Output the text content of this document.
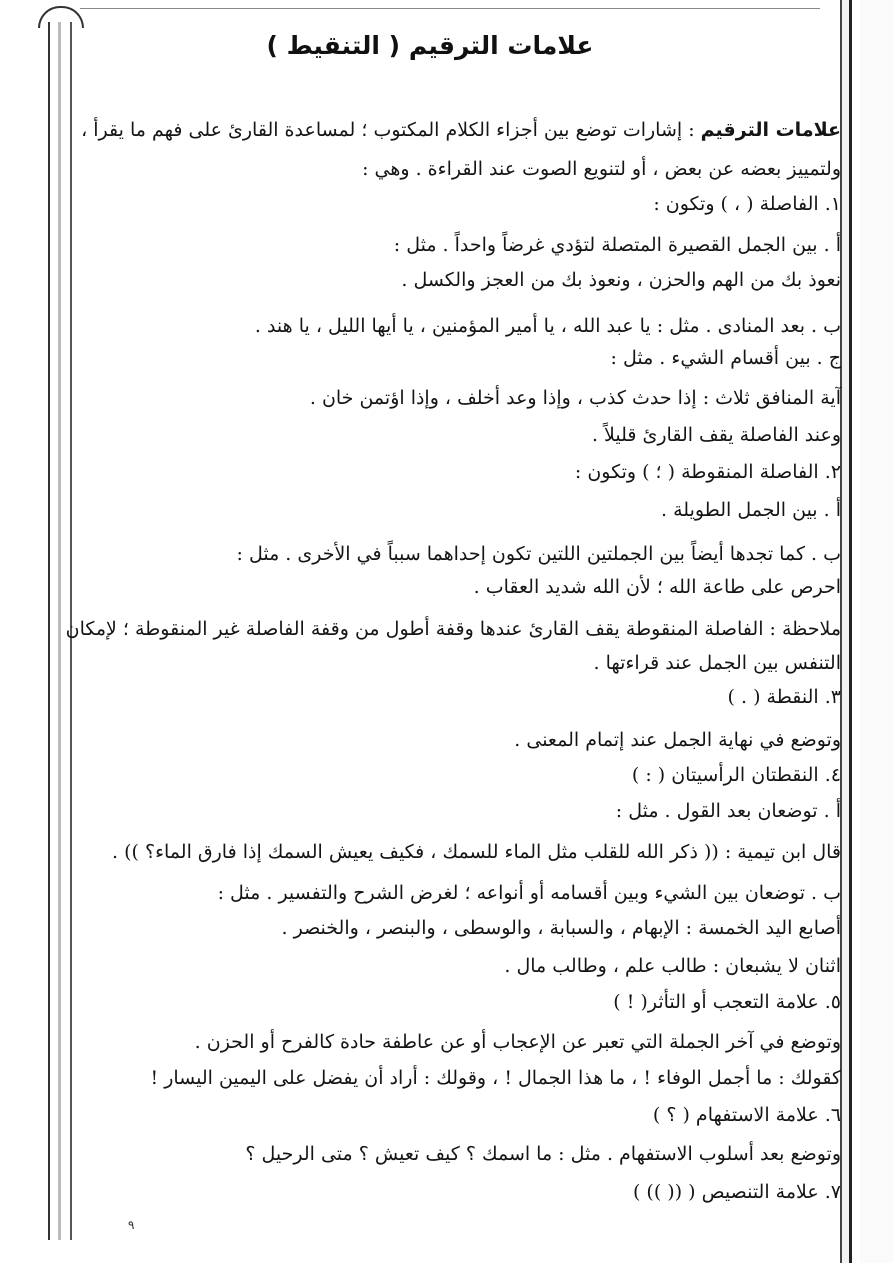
علامات الترقيم ( التنقيط )

علامات الترقيم : إشارات توضع بين أجزاء الكلام المكتوب ؛ لمساعدة القارئ على فهم ما يقرأ ،

ولتمييز بعضه عن بعض ، أو لتنويع الصوت عند القراءة . وهي :

١. الفاصلة ( ، ) وتكون :

أ . بين الجمل القصيرة المتصلة لتؤدي غرضاً واحداً . مثل :

نعوذ بك من الهم والحزن ، ونعوذ بك من العجز والكسل .

ب . بعد المنادى . مثل : يا عبد الله ، يا أمير المؤمنين ، يا أيها الليل ، يا هند .

ج . بين أقسام الشيء . مثل :

آية المنافق ثلاث : إذا حدث كذب ، وإذا وعد أخلف ، وإذا اؤتمن خان .

وعند الفاصلة يقف القارئ قليلاً .

٢. الفاصلة المنقوطة ( ؛ ) وتكون :

أ . بين الجمل الطويلة .

ب . كما تجدها أيضاً بين الجملتين اللتين تكون إحداهما سبباً في الأخرى . مثل :

احرص على طاعة الله ؛ لأن الله شديد العقاب .

ملاحظة : الفاصلة المنقوطة يقف القارئ عندها وقفة أطول من وقفة الفاصلة غير المنقوطة ؛ لإمكان

التنفس بين الجمل عند قراءتها .

٣. النقطة ( . )

وتوضع في نهاية الجمل عند إتمام المعنى .

٤. النقطتان الرأسيتان ( : )

أ . توضعان بعد القول . مثل :

قال ابن تيمية : (( ذكر الله للقلب مثل الماء للسمك ، فكيف يعيش السمك إذا فارق الماء؟ )) .

ب . توضعان بين الشيء وبين أقسامه أو أنواعه ؛ لغرض الشرح والتفسير . مثل :

أصابع اليد الخمسة : الإبهام ، والسبابة ، والوسطى ، والبنصر ، والخنصر .

اثنان لا يشبعان : طالب علم ، وطالب مال .

٥. علامة التعجب أو التأثر( ! )

وتوضع في آخر الجملة التي تعبر عن الإعجاب أو عن عاطفة حادة كالفرح أو الحزن .

كقولك : ما أجمل الوفاء ! ، ما هذا الجمال ! ، وقولك : أراد أن يفضل على اليمين اليسار !

٦. علامة الاستفهام ( ؟ )

وتوضع بعد أسلوب الاستفهام . مثل : ما اسمك ؟ كيف تعيش ؟ متى الرحيل ؟

٧. علامة التنصيص ( (( )) )

٩
